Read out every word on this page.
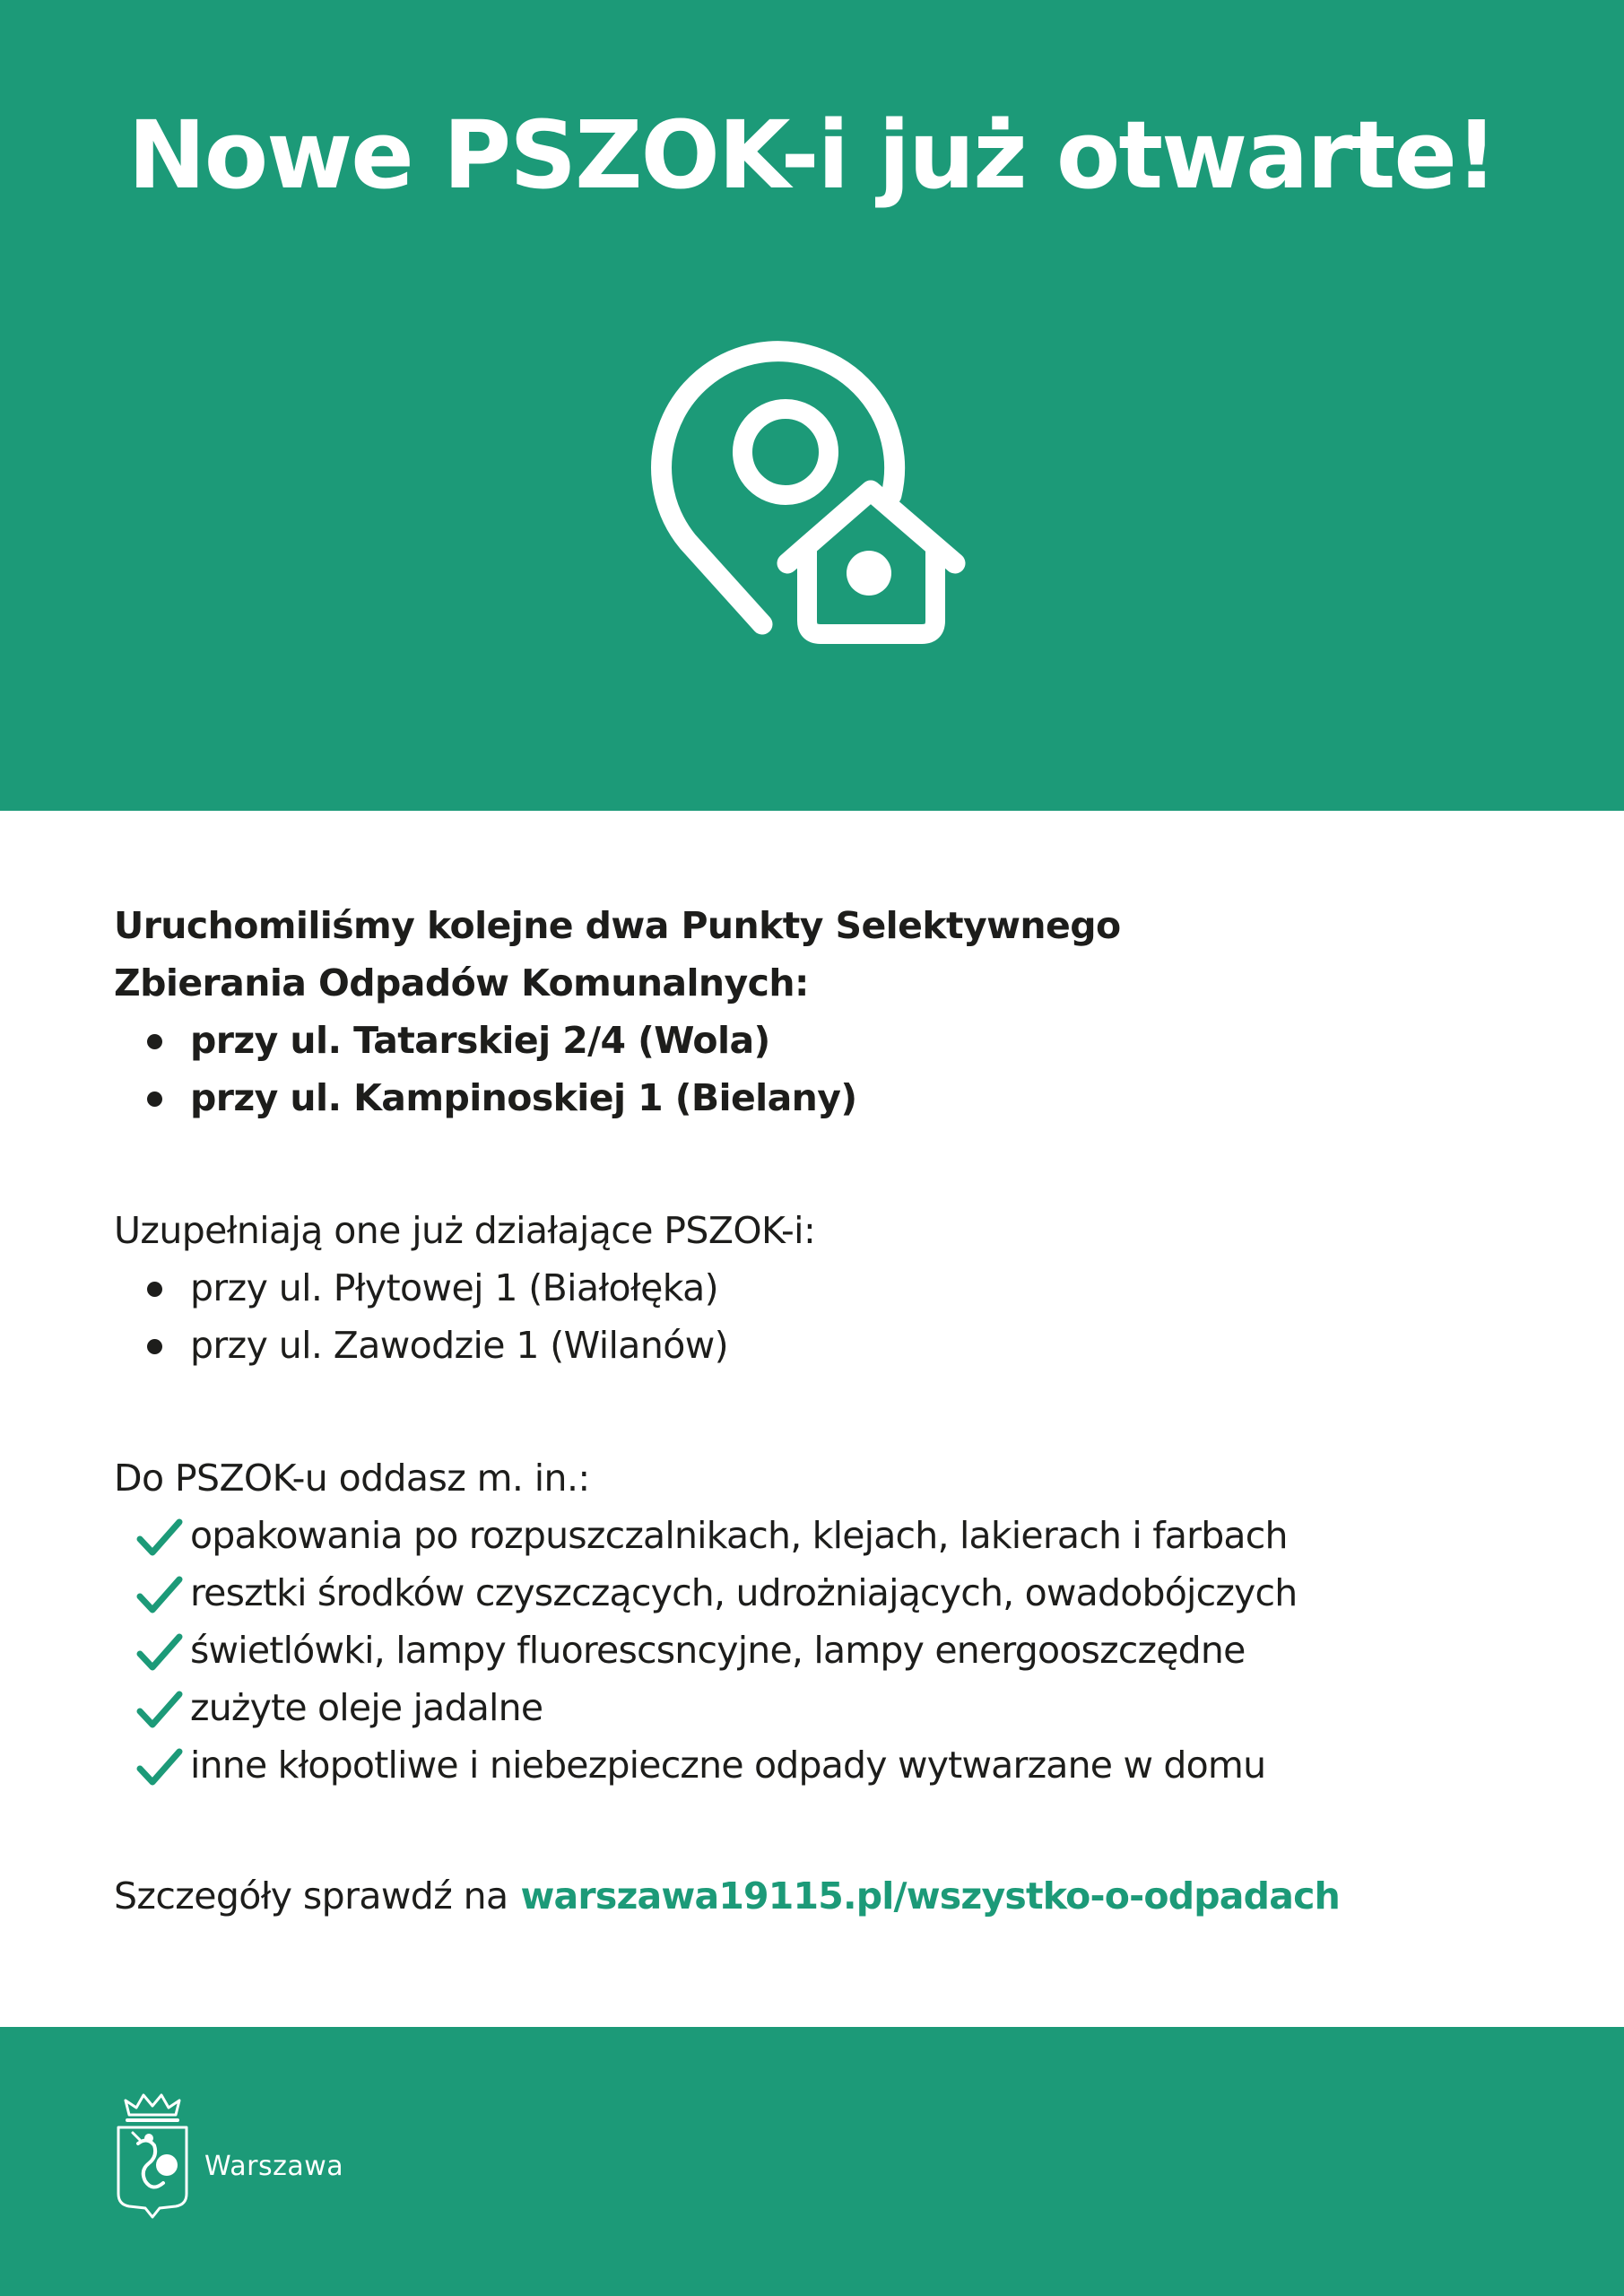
Nowe PSZOK-i już otwarte!

Uruchomiliśmy kolejne dwa Punkty Selektywnego

Zbierania Odpadów Komunalnych:

przy ul. Tatarskiej 2/4 (Wola)
przy ul. Kampinoskiej 1 (Bielany)

Uzupełniają one już działające PSZOK-i:

przy ul. Płytowej 1 (Białołęka)
przy ul. Zawodzie 1 (Wilanów)

Do PSZOK-u oddasz m. in.:

opakowania po rozpuszczalnikach, klejach, lakierach i farbach
resztki środków czyszczących, udrożniających, owadobójczych
świetlówki, lampy fluorescsncyjne, lampy energooszczędne
zużyte oleje jadalne
inne kłopotliwe i niebezpieczne odpady wytwarzane w domu

Szczegóły sprawdź na warszawa19115.pl/wszystko-o-odpadach

Warszawa
